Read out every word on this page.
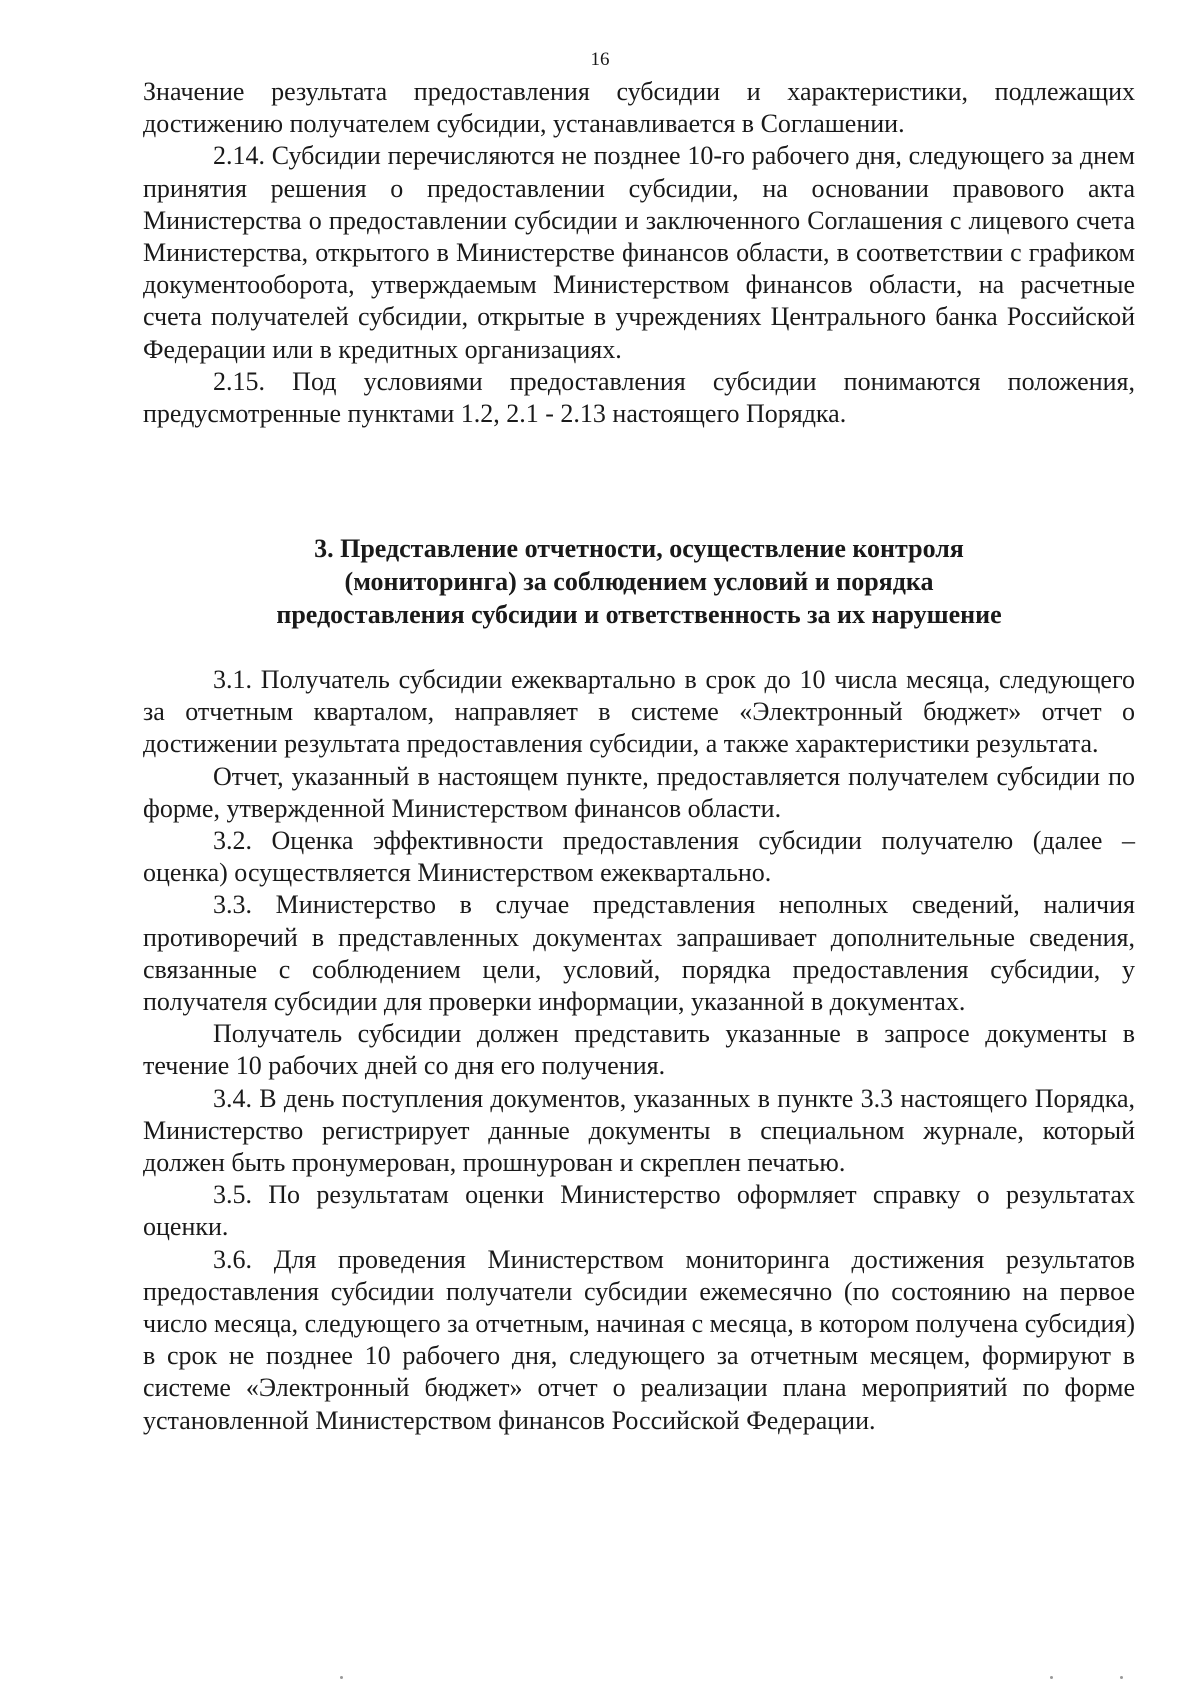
16

Значение результата предоставления субсидии и характеристики, подлежащих достижению получателем субсидии, устанавливается в Соглашении.

2.14. Субсидии перечисляются не позднее 10-го рабочего дня, следующего за днем принятия решения о предоставлении субсидии, на основании правового акта Министерства о предоставлении субсидии и заключенного Соглашения с лицевого счета Министерства, открытого в Министерстве финансов области, в соответствии с графиком документооборота, утверждаемым Министерством финансов области, на расчетные счета получателей субсидии, открытые в учреждениях Центрального банка Российской Федерации или в кредитных организациях.

2.15. Под условиями предоставления субсидии понимаются положения, предусмотренные пунктами 1.2, 2.1 - 2.13 настоящего Порядка.

3. Представление отчетности, осуществление контроля
(мониторинга) за соблюдением условий и порядка
предоставления субсидии и ответственность за их нарушение

3.1. Получатель субсидии ежеквартально в срок до 10 числа месяца, следующего за отчетным кварталом, направляет в системе «Электронный бюджет» отчет о достижении результата предоставления субсидии, а также характеристики результата.

Отчет, указанный в настоящем пункте, предоставляется получателем субсидии по форме, утвержденной Министерством финансов области.

3.2. Оценка эффективности предоставления субсидии получателю (далее – оценка) осуществляется Министерством ежеквартально.

3.3. Министерство в случае представления неполных сведений, наличия противоречий в представленных документах запрашивает дополнительные сведения, связанные с соблюдением цели, условий, порядка предоставления субсидии, у получателя субсидии для проверки информации, указанной в документах.

Получатель субсидии должен представить указанные в запросе документы в течение 10 рабочих дней со дня его получения.

3.4. В день поступления документов, указанных в пункте 3.3 настоящего Порядка, Министерство регистрирует данные документы в специальном журнале, который должен быть пронумерован, прошнурован и скреплен печатью.

3.5. По результатам оценки Министерство оформляет справку о результатах оценки.

3.6. Для проведения Министерством мониторинга достижения результатов предоставления субсидии получатели субсидии ежемесячно (по состоянию на первое число месяца, следующего за отчетным, начиная с месяца, в котором получена субсидия) в срок не позднее 10 рабочего дня, следующего за отчетным месяцем, формируют в системе «Электронный бюджет» отчет о реализации плана мероприятий по форме установленной Министерством финансов Российской Федерации.
